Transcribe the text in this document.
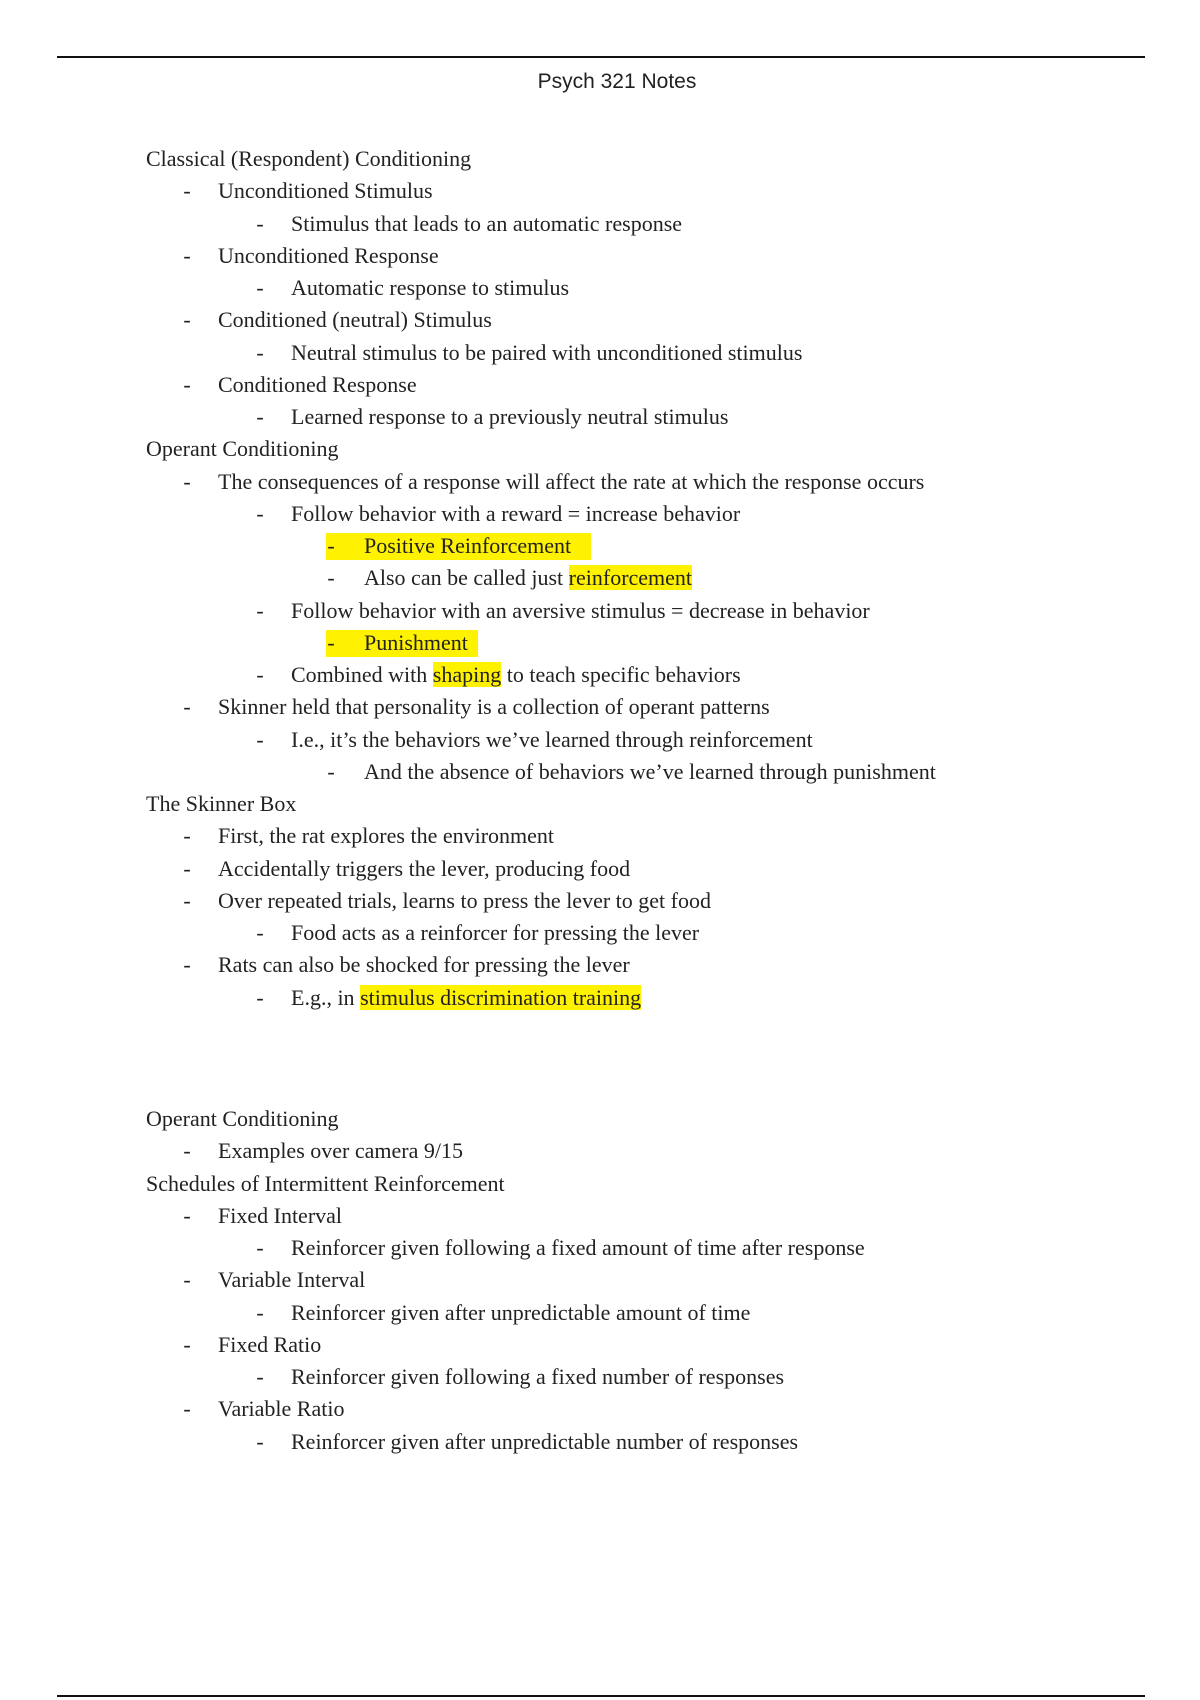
Psych 321 Notes
Classical (Respondent) Conditioning
- Unconditioned Stimulus
- Stimulus that leads to an automatic response
- Unconditioned Response
- Automatic response to stimulus
- Conditioned (neutral) Stimulus
- Neutral stimulus to be paired with unconditioned stimulus
- Conditioned Response
- Learned response to a previously neutral stimulus
Operant Conditioning
- The consequences of a response will affect the rate at which the response occurs
- Follow behavior with a reward = increase behavior
- Positive Reinforcement
- Also can be called just reinforcement
- Follow behavior with an aversive stimulus = decrease in behavior
- Punishment
- Combined with shaping to teach specific behaviors
- Skinner held that personality is a collection of operant patterns
- I.e., it’s the behaviors we’ve learned through reinforcement
- And the absence of behaviors we’ve learned through punishment
The Skinner Box
- First, the rat explores the environment
- Accidentally triggers the lever, producing food
- Over repeated trials, learns to press the lever to get food
- Food acts as a reinforcer for pressing the lever
- Rats can also be shocked for pressing the lever
- E.g., in stimulus discrimination training
Operant Conditioning
- Examples over camera 9/15
Schedules of Intermittent Reinforcement
- Fixed Interval
- Reinforcer given following a fixed amount of time after response
- Variable Interval
- Reinforcer given after unpredictable amount of time
- Fixed Ratio
- Reinforcer given following a fixed number of responses
- Variable Ratio
- Reinforcer given after unpredictable number of responses
